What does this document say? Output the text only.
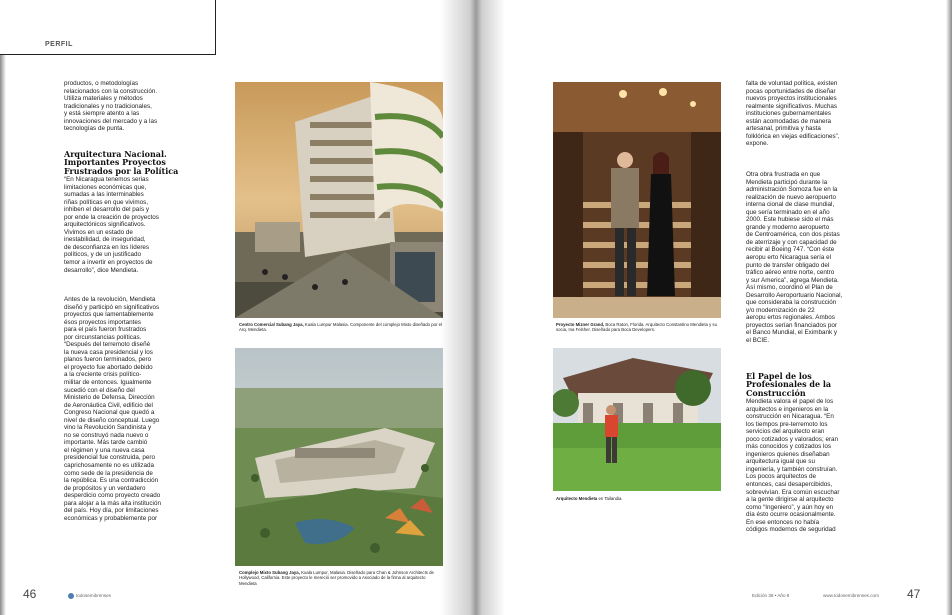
PERFIL
productos, o metodologías
relacionados con la construcción.
Utiliza materiales y métodos
tradicionales y no tradicionales,
y está siempre atento a las
innovaciones del mercado y a las
tecnologías de punta.
Arquitectura Nacional. Importantes Proyectos Frustrados por la Política
“En Nicaragua tenemos serias
limitaciones económicas que,
sumadas a las interminables
riñas políticas en que vivimos,
inhiben el desarrollo del país y
por ende la creación de proyectos
arquitectónicos significativos.
Vivimos en un estado de
inestabilidad, de inseguridad,
de desconfianza en los líderes
políticos, y de un justificado
temor a invertir en proyectos de
desarrollo”, dice Mendieta.
Antes de la revolución, Mendieta
diseñó y participó en significativos
proyectos que lamentablemente
ésos proyectos importantes
para el país fueron frustrados
por circunstancias políticas.
“Después del terremoto diseñé
la nueva casa presidencial y los
planos fueron terminados, pero
el proyecto fue abortado debido
a la creciente crisis político-
militar de entonces. Igualmente
sucedió con el diseño del
Ministerio de Defensa, Dirección
de Aeronáutica Civil, edificio del
Congreso Nacional que quedó a
nivel de diseño conceptual. Luego
vino la Revolución Sandinista y
no se construyó nada nuevo o
importante. Más tarde cambió
el régimen y una nueva casa
presidencial fue construida, pero
caprichosamente no es utilizada
como sede de la presidencia de
la república. Es una contradicción
de propósitos y un verdadero
desperdicio como proyecto creado
para alojar a la más alta institución
del país. Hoy día, por limitaciones
económicas y probablemente por
Centro Comercial Subang Jaya, Kuala Lumpur Malasia. Componente del complejo Mixto diseñado por el Arq. Mendieta.
Complejo Mixto Subang Jaya, Kuala Lumpur, Malasia. Diseñado para Chan & Johnson Architects de Hollywood, California. Este proyecto le mereció ser promovido a Asociado de la firma al arquitecto Mendieta
46	todosemibrenses
Proyecto Mizner Grand, Boca Raton, Florida. Arquitecto Constantino Mendieta y su socia, Ina Felsher. Diseñado para Boca Developers.
Arquitecto Mendieta en Tailandia.
falta de voluntad política, existen
pocas oportunidades de diseñar
nuevos proyectos institucionales
realmente significativos. Muchas
instituciones gubernamentales
están acomodadas de manera
artesanal, primitiva y hasta
folklórica en viejas edificaciones”,
expone.
Otra obra frustrada en que
Mendieta participó durante la
administración Somoza fue en la
realización de nuevo aeropuerto
interna cional de clase mundial,
que sería terminado en el año
2000. Este hubiese sido el más
grande y moderno aeropuerto
de Centroamérica, con dos pistas
de aterrizaje y con capacidad de
recibir al Boeing 747. “Con éste
aeropu erto Nicaragua sería el
punto de transfer obligado del
tráfico aéreo entre norte, centro
y sur America”, agrega Mendieta.
Así mismo, coordinó el Plan de
Desarrollo Aeroportuario Nacional,
que consideraba la construcción
y/o modernización de 22
aeropu ertos regionales. Ambos
proyectos serían financiados por
el Banco Mundial, el Eximbank y
el BCIE.
El Papel de los Profesionales de la Construcción
Mendieta valora el papel de los
arquitectos e ingenieros en la
construcción en Nicaragua. “En
los tiempos pre-terremoto los
servicios del arquitecto eran
poco cotizados y valorados; eran
más conocidos y cotizados los
ingenieros quienes diseñaban
arquitectura igual que su
ingeniería, y también construían.
Los pocos arquitectos de
entonces, casi desapercibidos,
sobrevivían. Era común escuchar
a la gente dirigirse al arquitecto
como “Ingeniero”, y aún hoy en
día ésto ocurre ocasionalmente.
En ese entonces no había
códigos modernos de seguridad
Edición 38 • Año 8	www.todosemibrenses.com 47
